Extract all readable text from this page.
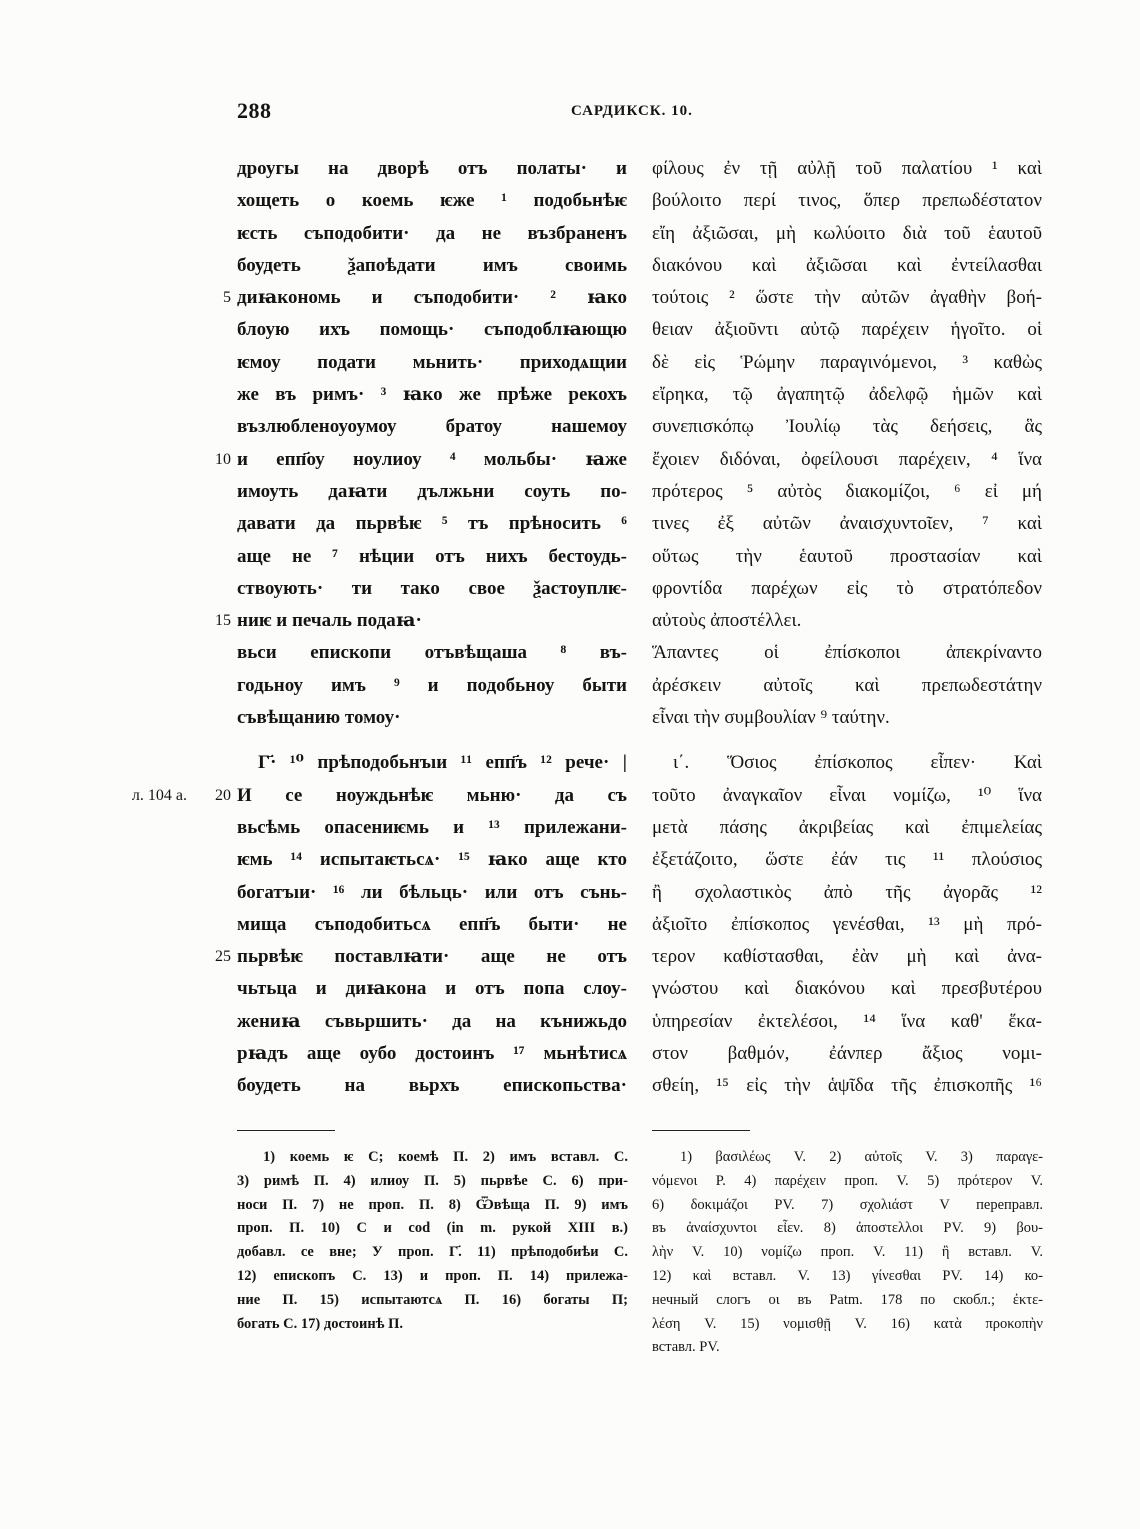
288	САРДИКСК. 10.
дроугы на дворѣ отъ полаты· и
хощеть о коемь ѥже ¹ подобьнѣѥ
ѥсть съподобити· да не възбраненъ
боудеть ѯапоѣдати имъ своимь
5 диꙗкономь и съподобити· ² ꙗко
блоую ихъ помощь· съподоблꙗющю
ѥмоу подати мьнить· приходѧщии
же въ римъ· ³ ꙗко же прѣже рекохъ
възлюбленоуоумоу братоу нашемоу
10 и епп҃оу ноулиоу ⁴ мольбы· ꙗже
имоуть даꙗти дължьни соуть по-
давати да пьрвѣѥ ⁵ тъ прѣносить ⁶
аще не ⁷ нѣции отъ нихъ бестоудь-
ствоують· ти тако свое ѯастоуплѥ-
15 ниѥ и печаль подаꙗ·
вьси епископи отъвѣщаша ⁸ въ-
годьноу имъ ⁹ и подобьноу быти
съвѣщанию томоу·
Г҃· ¹⁰ прѣподобьнъıи ¹¹ епп҃ъ ¹² рече· |
л. 104 а. 20 И се ноуждьнѣѥ мьню· да съ
вьсѣмь опасениѥмь и ¹³ прилежани-
ѥмь ¹⁴ испытаѥтьсѧ· ¹⁵ ꙗко аще кто
богатъıи· ¹⁶ ли бѣльць· или отъ сънь-
мища съподобитьсѧ епп҃ъ быти· не
25 пьрвѣѥ поставлꙗти· аще не отъ
чьтьца и диꙗкона и отъ попа слоу-
жениꙗ съвьршить· да на кънижьдо
рꙗдъ аще оубо достоинъ ¹⁷ мьнѣтисѧ
боудеть на вьрхъ епископьства·
φίλους ἐν τῇ αὐλῇ τοῦ παλατίου ¹ καὶ
βούλοιτο περί τινος, ὅπερ πρεπωδέστατον
εἴη ἀξιῶσαι, μὴ κωλύοιτο διὰ τοῦ ἑαυτοῦ
διακόνου καὶ ἀξιῶσαι καὶ ἐντείλασθαι
τούτοις ² ὥστε τὴν αὐτῶν ἀγαθὴν βοή-
θειαν ἀξιοῦντι αὐτῷ παρέχειν ἡγοῖτο. οἱ
δὲ εἰς Ῥώμην παραγινόμενοι, ³ καθὼς
εἴρηκα, τῷ ἀγαπητῷ ἀδελφῷ ἡμῶν καὶ
συνεπισκόπῳ Ἰουλίῳ τὰς δεήσεις, ἃς
ἔχοιεν διδόναι, ὀφείλουσι παρέχειν, ⁴ ἵνα
πρότερος ⁵ αὐτὸς διακομίζοι, ⁶ εἰ μή
τινες ἐξ αὐτῶν ἀναισχυντοῖεν, ⁷ καὶ
οὕτως τὴν ἑαυτοῦ προστασίαν καὶ
φροντίδα παρέχων εἰς τὸ στρατόπεδον
αὐτοὺς ἀποστέλλει.
Ἅπαντες οἱ ἐπίσκοποι ἀπεκρίναντο
ἀρέσκειν αὐτοῖς καὶ πρεπωδεστάτην
εἶναι τὴν συμβουλίαν ⁹ ταύτην.
ι΄. Ὅσιος ἐπίσκοπος εἶπεν· Καὶ
τοῦτο ἀναγκαῖον εἶναι νομίζω, ¹⁰ ἵνα
μετὰ πάσης ἀκριβείας καὶ ἐπιμελείας
ἐξετάζοιτο, ὥστε ἐάν τις ¹¹ πλούσιος
ἢ σχολαστικὸς ἀπὸ τῆς ἀγορᾶς ¹²
ἀξιοῖτο ἐπίσκοπος γενέσθαι, ¹³ μὴ πρό-
τερον καθίστασθαι, ἐὰν μὴ καὶ ἀνα-
γνώστου καὶ διακόνου καὶ πρεσβυτέρου
ὑπηρεσίαν ἐκτελέσοι, ¹⁴ ἵνα καθ' ἕκα-
στον βαθμόν, ἐάνπερ ἄξιος νομι-
σθείη, ¹⁵ εἰς τὴν ἁψῖδα τῆς ἐπισκοπῆς ¹⁶
1) коемь ѥ С; коемѣ П. 2) имъ вставл. С.
3) римѣ П. 4) илиоу П. 5) пьрвѣе С. 6) при-
носи П. 7) не проп. П. 8) Ѿвѣща П. 9) имъ
проп. П. 10) С и cod (in m. рукой XIII в.)
добавл. се вне; У проп. Г҃. 11) прѣподобиѣи С.
12) епископъ С. 13) и проп. П. 14) прилежа-
ние П. 15) испытаютсѧ П. 16) богаты П;
богать С. 17) достоинѣ П.
1) βασιλέως V. 2) αὐτοῖς V. 3) παραγε-
νόμενοι P. 4) παρέχειν проп. V. 5) πρότερον V.
6) δοκιμάζοι PV. 7) σχολιάστ V переправл.
въ ἀναίσχυντοι εἶεν. 8) ἀποστελλοι PV. 9) βου-
λὴν V. 10) νομίζω проп. V. 11) ἢ вставл. V.
12) καὶ вставл. V. 13) γίνεσθαι PV. 14) ко-
нечный слогъ οι въ Patm. 178 по скобл.; ἐκτε-
λέση V. 15) νομισθῇ V. 16) κατὰ προκοπὴν
вставл. PV.
